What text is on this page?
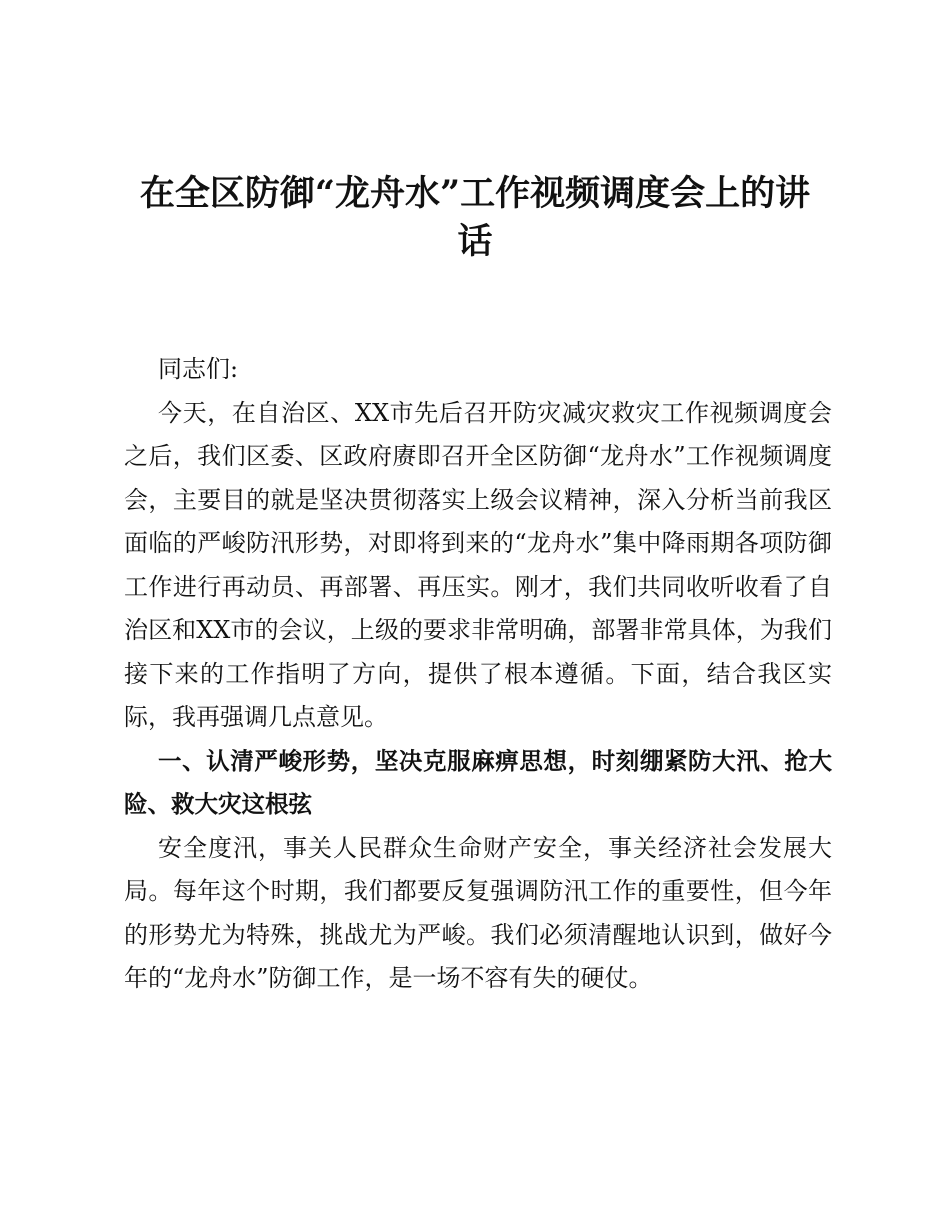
在全区防御“龙舟水”工作视频调度会上的讲话

同志们:

今天，在自治区、XX市先后召开防灾减灾救灾工作视频调度会之后，我们区委、区政府赓即召开全区防御“龙舟水”工作视频调度会，主要目的就是坚决贯彻落实上级会议精神，深入分析当前我区面临的严峻防汛形势，对即将到来的“龙舟水”集中降雨期各项防御工作进行再动员、再部署、再压实。刚才，我们共同收听收看了自治区和XX市的会议，上级的要求非常明确，部署非常具体，为我们接下来的工作指明了方向，提供了根本遵循。下面，结合我区实际，我再强调几点意见。

一、认清严峻形势，坚决克服麻痹思想，时刻绷紧防大汛、抢大险、救大灾这根弦

安全度汛，事关人民群众生命财产安全，事关经济社会发展大局。每年这个时期，我们都要反复强调防汛工作的重要性，但今年的形势尤为特殊，挑战尤为严峻。我们必须清醒地认识到，做好今年的“龙舟水”防御工作，是一场不容有失的硬仗。
